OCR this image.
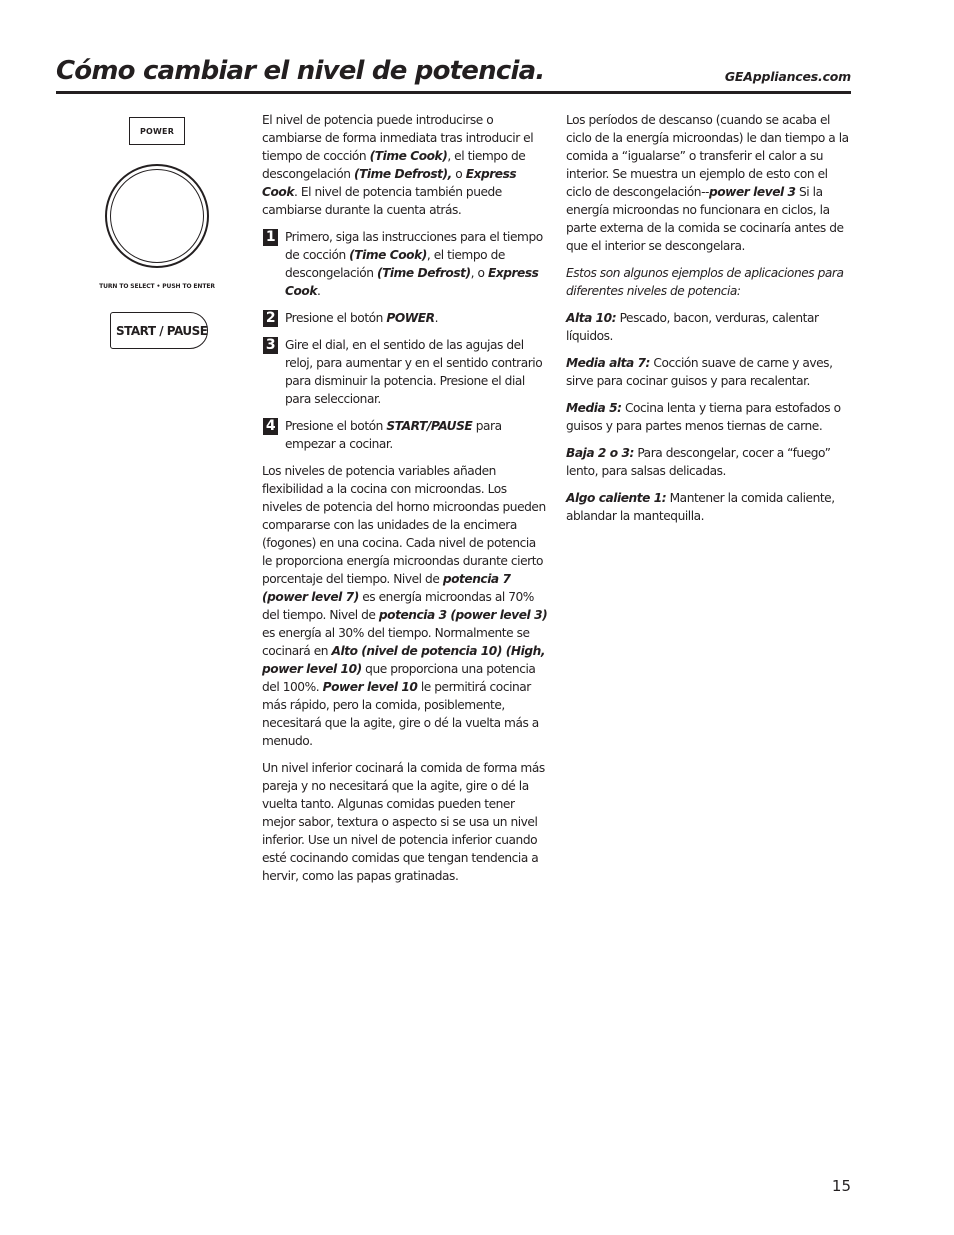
Cómo cambiar el nivel de potencia.	GEAppliances.com
POWER
TURN TO SELECT • PUSH TO ENTER
START / PAUSE

El nivel de potencia puede introducirse o cambiarse de forma inmediata tras introducir el tiempo de cocción (Time Cook), el tiempo de descongelación (Time Defrost), o Express Cook. El nivel de potencia también puede cambiarse durante la cuenta atrás.

1 Primero, siga las instrucciones para el tiempo de cocción (Time Cook), el tiempo de descongelación (Time Defrost), o Express Cook.
2 Presione el botón POWER.
3 Gire el dial, en el sentido de las agujas del reloj, para aumentar y en el sentido contrario para disminuir la potencia. Presione el dial para seleccionar.
4 Presione el botón START/PAUSE para empezar a cocinar.

Los niveles de potencia variables añaden flexibilidad a la cocina con microondas. Los niveles de potencia del horno microondas pueden compararse con las unidades de la encimera (fogones) en una cocina. Cada nivel de potencia le proporciona energía microondas durante cierto porcentaje del tiempo. Nivel de potencia 7 (power level 7) es energía microondas al 70% del tiempo. Nivel de potencia 3 (power level 3) es energía al 30% del tiempo. Normalmente se cocinará en Alto (nivel de potencia 10) (High, power level 10) que proporciona una potencia del 100%. Power level 10 le permitirá cocinar más rápido, pero la comida, posiblemente, necesitará que la agite, gire o dé la vuelta más a menudo.

Un nivel inferior cocinará la comida de forma más pareja y no necesitará que la agite, gire o dé la vuelta tanto. Algunas comidas pueden tener mejor sabor, textura o aspecto si se usa un nivel inferior. Use un nivel de potencia inferior cuando esté cocinando comidas que tengan tendencia a hervir, como las papas gratinadas.

Los períodos de descanso (cuando se acaba el ciclo de la energía microondas) le dan tiempo a la comida a “igualarse” o transferir el calor a su interior. Se muestra un ejemplo de esto con el ciclo de descongelación--power level 3 Si la energía microondas no funcionara en ciclos, la parte externa de la comida se cocinaría antes de que el interior se descongelara.

Estos son algunos ejemplos de aplicaciones para diferentes niveles de potencia:

Alta 10: Pescado, bacon, verduras, calentar líquidos.

Media alta 7: Cocción suave de carne y aves, sirve para cocinar guisos y para recalentar.

Media 5: Cocina lenta y tierna para estofados o guisos y para partes menos tiernas de carne.

Baja 2 o 3: Para descongelar, cocer a “fuego” lento, para salsas delicadas.

Algo caliente 1: Mantener la comida caliente, ablandar la mantequilla.

15
